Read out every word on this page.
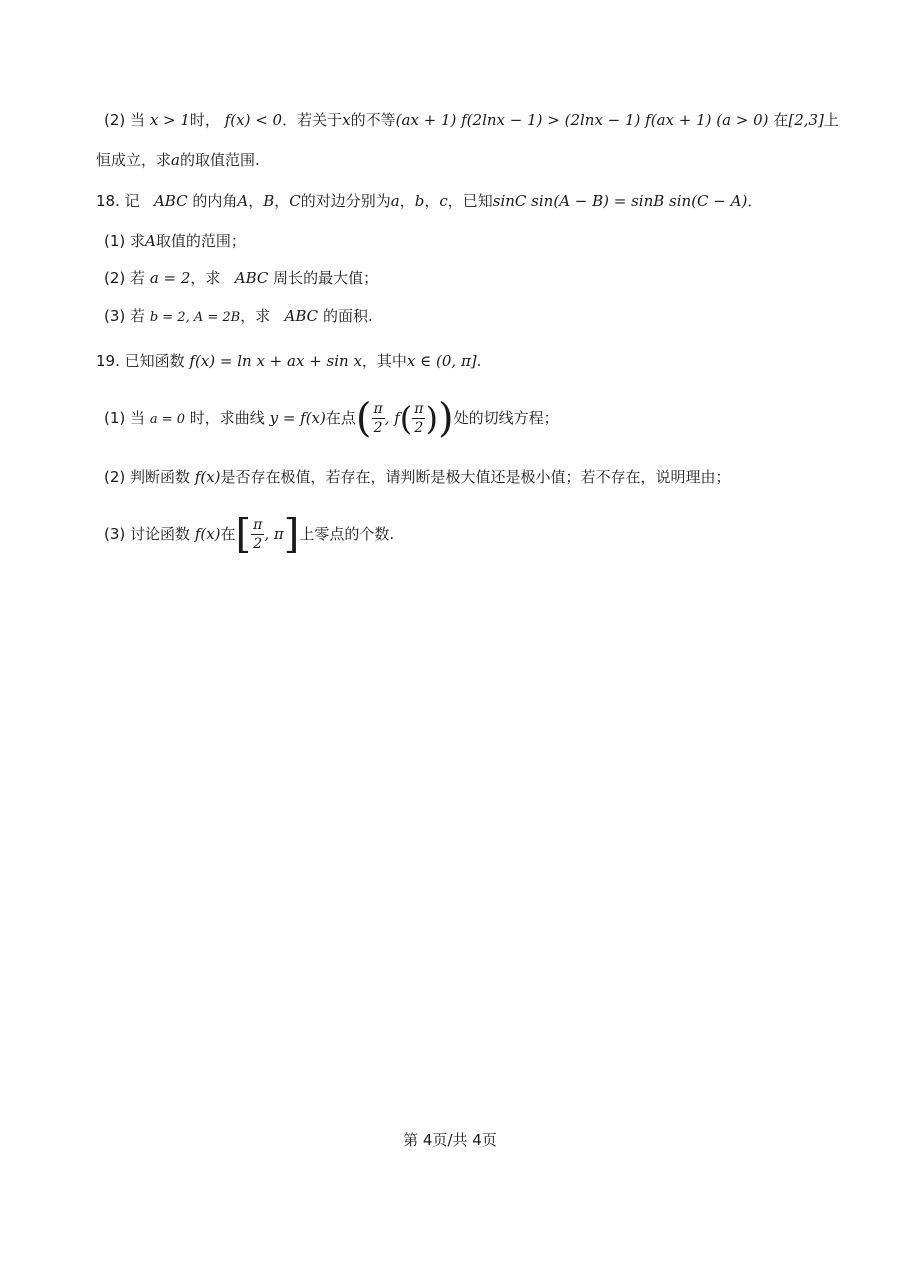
(2) 当 x > 1时， f(x) < 0．若关于x的不等(ax + 1) f(2lnx − 1) > (2lnx − 1) f(ax + 1) (a > 0) 在[2,3]上
恒成立，求a的取值范围.
18. 记 ABC 的内角A，B，C的对边分别为a，b，c，已知sinC sin(A − B) = sinB sin(C − A)．
(1) 求A取值的范围；
(2) 若 a = 2，求 ABC 周长的最大值；
(3) 若 b = 2, A = 2B，求 ABC 的面积.
19. 已知函数 f(x) = ln x + ax + sin x，其中x ∈ (0, π].
(1) 当 a = 0 时，求曲线 y = f(x)在点( $\frac{\pi}{2}$ , $f( \frac{\pi}{2}$ ))处的切线方程；
(2) 判断函数 f(x)是否存在极值，若存在，请判断是极大值还是极小值；若不存在，说明理由；
(3) 讨论函数 f(x)在[ $\frac{\pi}{2}$ , π]上零点的个数.
第 4页/共 4页
